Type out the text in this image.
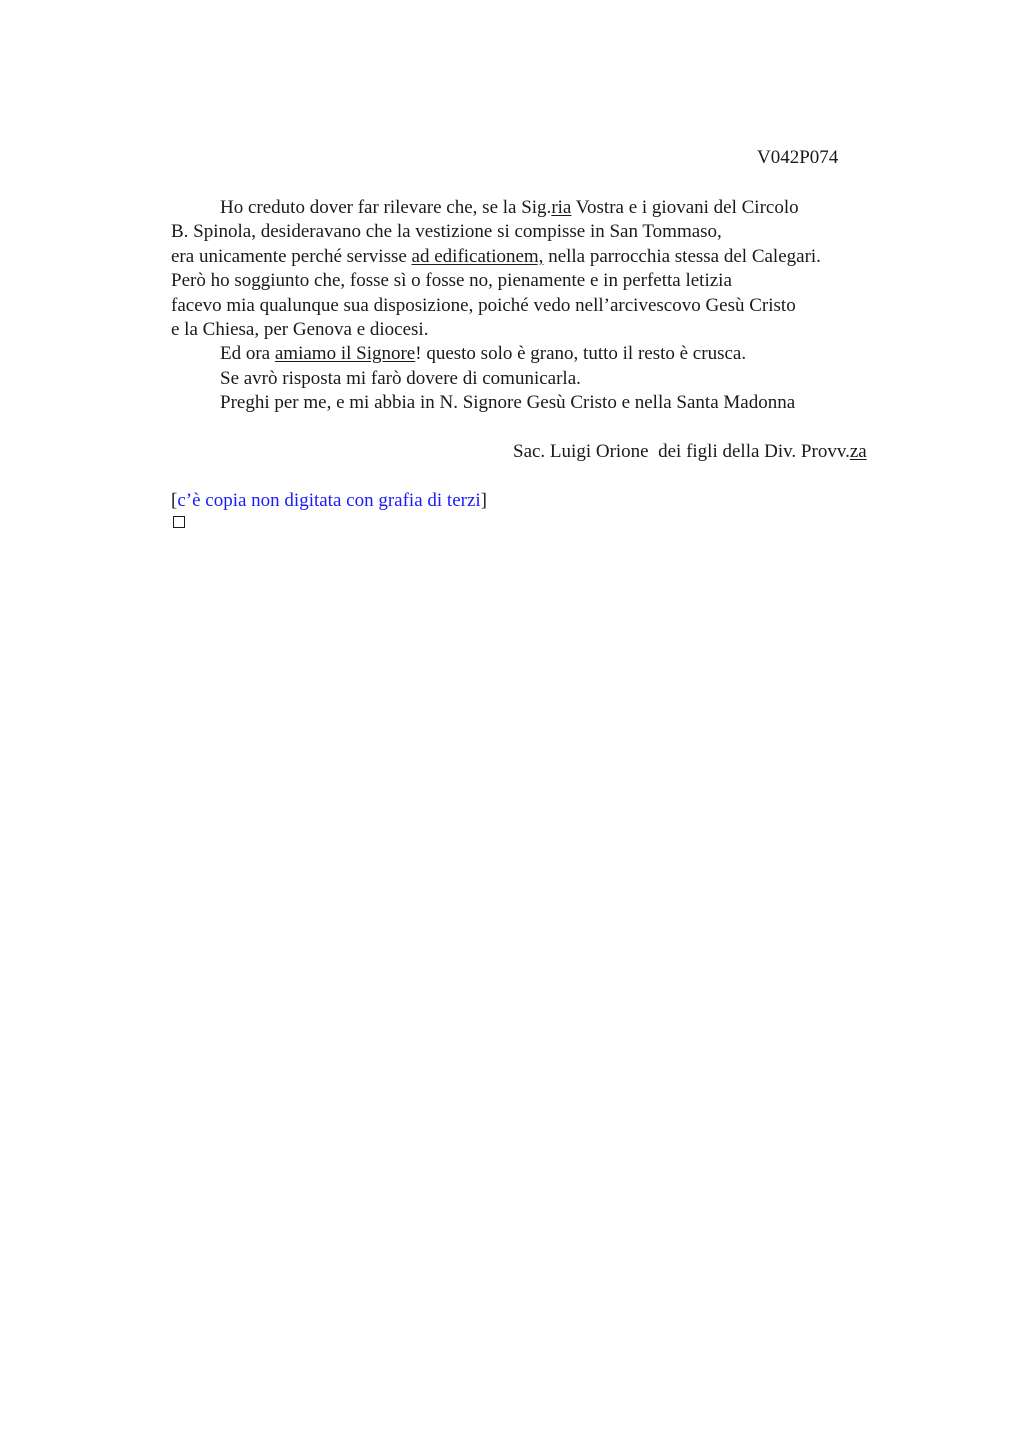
V042P074
Ho creduto dover far rilevare che, se la Sig.ria Vostra e i giovani del Circolo
B. Spinola, desideravano che la vestizione si compisse in San Tommaso,
era unicamente perché servisse ad edificationem, nella parrocchia stessa del Calegari.
Però ho soggiunto che, fosse sì o fosse no, pienamente e in perfetta letizia
facevo mia qualunque sua disposizione, poiché vedo nell’arcivescovo Gesù Cristo
e la Chiesa, per Genova e diocesi.
Ed ora amiamo il Signore! questo solo è grano, tutto il resto è crusca.
Se avrò risposta mi farò dovere di comunicarla.
Preghi per me, e mi abbia in N. Signore Gesù Cristo e nella Santa Madonna
Sac. Luigi Orione  dei figli della Div. Provv.za
[c’è copia non digitata con grafia di terzi]
